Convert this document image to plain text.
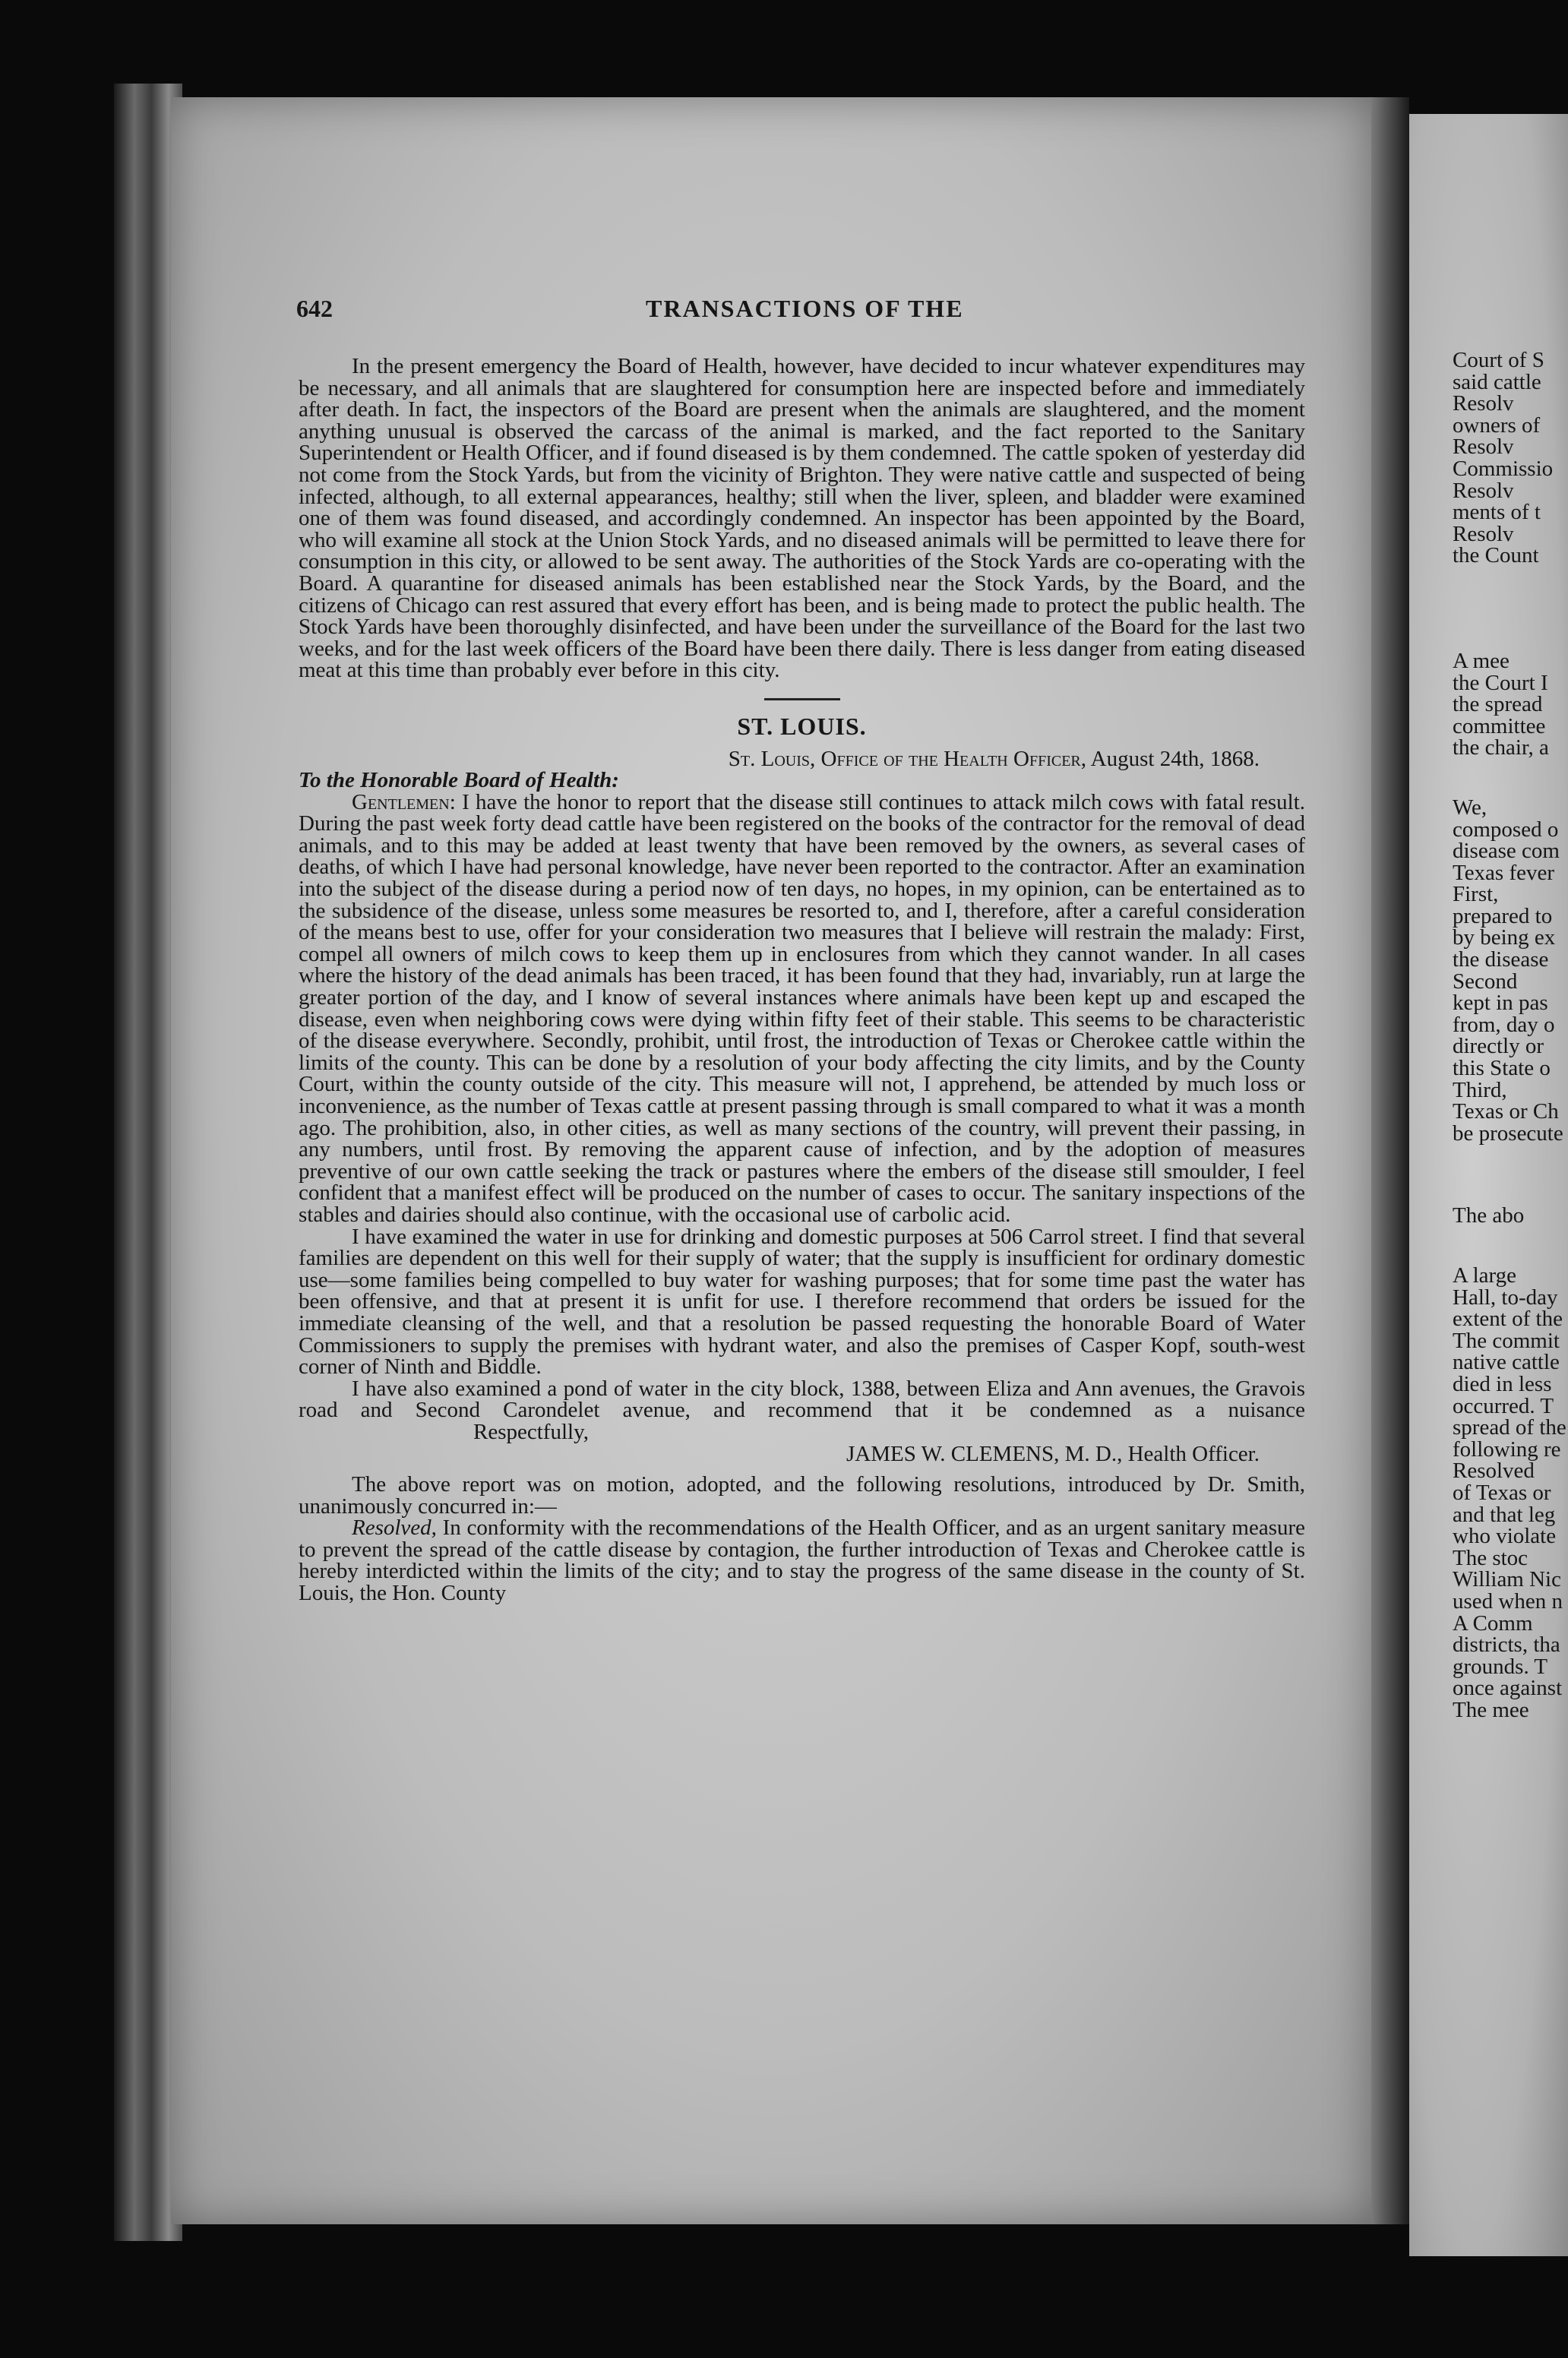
642	TRANSACTIONS OF THE

In the present emergency the Board of Health, however, have decided to incur whatever expenditures may be necessary, and all animals that are slaughtered for consumption here are inspected before and immediately after death. In fact, the inspectors of the Board are present when the animals are slaughtered, and the moment anything unusual is observed the carcass of the animal is marked, and the fact reported to the Sanitary Superintendent or Health Officer, and if found diseased is by them condemned. The cattle spoken of yesterday did not come from the Stock Yards, but from the vicinity of Brighton. They were native cattle and suspected of being infected, although, to all external appearances, healthy; still when the liver, spleen, and bladder were examined one of them was found diseased, and accordingly condemned. An inspector has been appointed by the Board, who will examine all stock at the Union Stock Yards, and no diseased animals will be permitted to leave there for consumption in this city, or allowed to be sent away. The authorities of the Stock Yards are co-operating with the Board. A quarantine for diseased animals has been established near the Stock Yards, by the Board, and the citizens of Chicago can rest assured that every effort has been, and is being made to protect the public health. The Stock Yards have been thoroughly disinfected, and have been under the surveillance of the Board for the last two weeks, and for the last week officers of the Board have been there daily. There is less danger from eating diseased meat at this time than probably ever before in this city.

ST. LOUIS.
St. Louis, Office of the Health Officer, August 24th, 1868.
To the Honorable Board of Health:

Gentlemen: I have the honor to report that the disease still continues to attack milch cows with fatal result. During the past week forty dead cattle have been registered on the books of the contractor for the removal of dead animals, and to this may be added at least twenty that have been removed by the owners, as several cases of deaths, of which I have had personal knowledge, have never been reported to the contractor. After an examination into the subject of the disease during a period now of ten days, no hopes, in my opinion, can be entertained as to the subsidence of the disease, unless some measures be resorted to, and I, therefore, after a careful consideration of the means best to use, offer for your consideration two measures that I believe will restrain the malady: First, compel all owners of milch cows to keep them up in enclosures from which they cannot wander. In all cases where the history of the dead animals has been traced, it has been found that they had, invariably, run at large the greater portion of the day, and I know of several instances where animals have been kept up and escaped the disease, even when neighboring cows were dying within fifty feet of their stable. This seems to be characteristic of the disease everywhere. Secondly, prohibit, until frost, the introduction of Texas or Cherokee cattle within the limits of the county. This can be done by a resolution of your body affecting the city limits, and by the County Court, within the county outside of the city. This measure will not, I apprehend, be attended by much loss or inconvenience, as the number of Texas cattle at present passing through is small compared to what it was a month ago. The prohibition, also, in other cities, as well as many sections of the country, will prevent their passing, in any numbers, until frost. By removing the apparent cause of infection, and by the adoption of measures preventive of our own cattle seeking the track or pastures where the embers of the disease still smoulder, I feel confident that a manifest effect will be produced on the number of cases to occur. The sanitary inspections of the stables and dairies should also continue, with the occasional use of carbolic acid.

I have examined the water in use for drinking and domestic purposes at 506 Carrol street. I find that several families are dependent on this well for their supply of water; that the supply is insufficient for ordinary domestic use—some families being compelled to buy water for washing purposes; that for some time past the water has been offensive, and that at present it is unfit for use. I therefore recommend that orders be issued for the immediate cleansing of the well, and that a resolution be passed requesting the honorable Board of Water Commissioners to supply the premises with hydrant water, and also the premises of Casper Kopf, south-west corner of Ninth and Biddle.

I have also examined a pond of water in the city block, 1388, between Eliza and Ann avenues, the Gravois road and Second Carondelet avenue, and recommend that it be condemned as a nuisanceRespectfully,

JAMES W. CLEMENS, M. D., Health Officer.

The above report was on motion, adopted, and the following resolutions, introduced by Dr. Smith, unanimously concurred in:—

Resolved, In conformity with the recommendations of the Health Officer, and as an urgent sanitary measure to prevent the spread of the cattle disease by contagion, the further introduction of Texas and Cherokee cattle is hereby interdicted within the limits of the city; and to stay the progress of the same disease in the county of St. Louis, the Hon. County

Court of S
said cattle
Resolv
owners of
Resolv
Commissio
Resolv
ments of t
Resolv
the Count
A mee
the Court I
the spread
committee
the chair, a
We,
composed o
disease com
Texas fever
First,
prepared to
by being ex
the disease
Second
kept in pas
from, day o
directly or
this State o
Third,
Texas or Ch
be prosecute
The abo
A large
Hall, to-day
extent of the
The commit
native cattle
died in less
occurred. T
spread of the
following re
Resolved
of Texas or
and that leg
who violate
The stoc
William Nic
used when n
A Comm
districts, tha
grounds. T
once against
The mee
